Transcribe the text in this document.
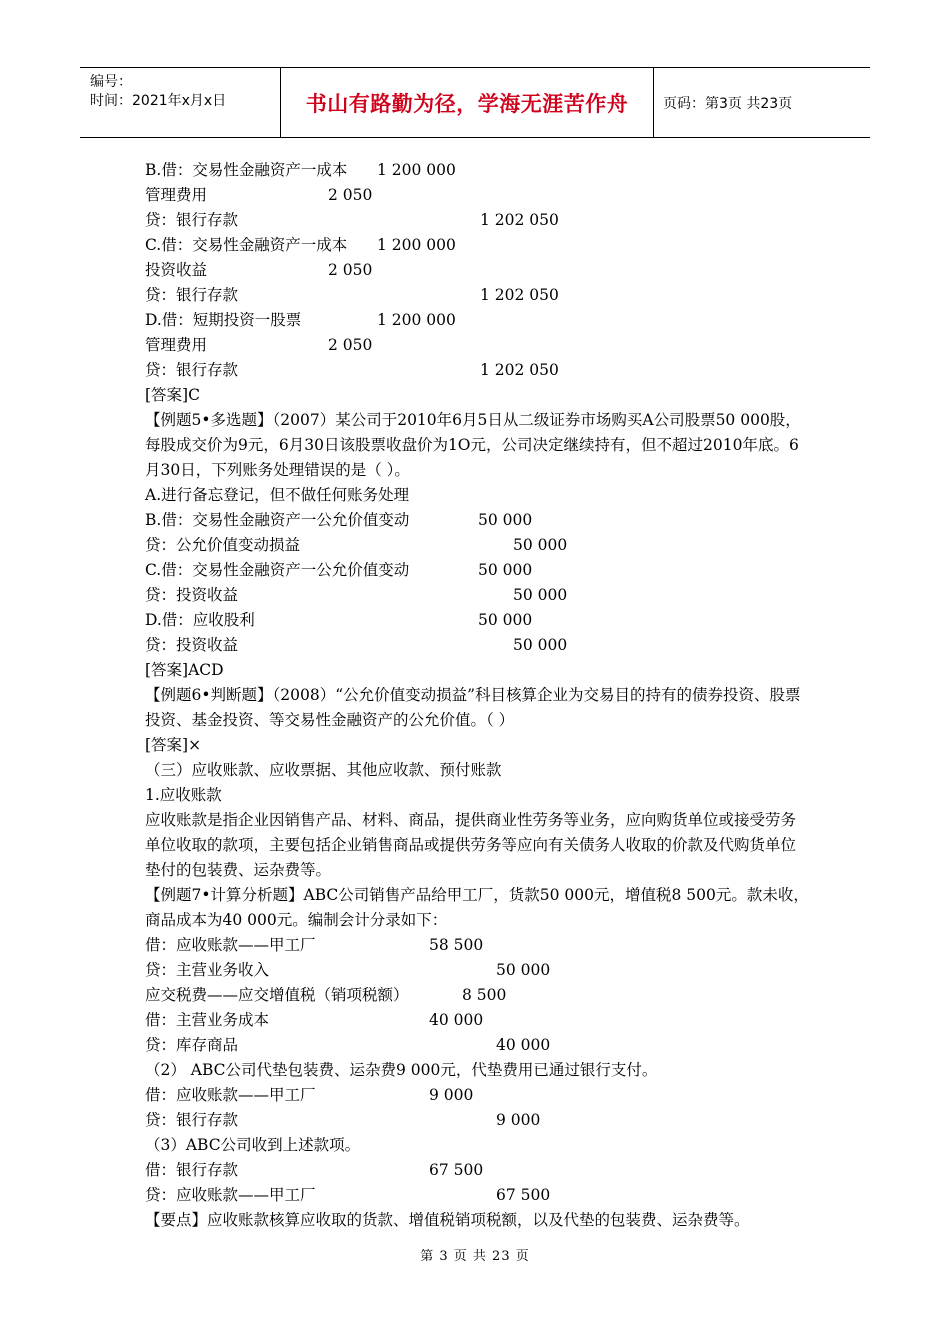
编号：
时间：2021年x月x日	书山有路勤为径，学海无涯苦作舟	页码：第3页 共23页
B.借：交易性金融资产一成本 1 200 000
管理费用	2 050
贷：银行存款	1 202 050
C.借：交易性金融资产一成本 1 200 000
投资收益	2 050
贷：银行存款	1 202 050
D.借：短期投资一股票	1 200 000
管理费用	2 050
贷：银行存款	1 202 050
[答案]C
【例题5•多选题】（2007）某公司于2010年6月5日从二级证券市场购买A公司股票50 000股，每股成交价为9元，6月30日该股票收盘价为1O元，公司决定继续持有，但不超过2010年底。6月30日，下列账务处理错误的是（ ）。
A.进行备忘登记，但不做任何账务处理
B.借：交易性金融资产一公允价值变动	50 000
贷：公允价值变动损益	50 000
C.借：交易性金融资产一公允价值变动	50 000
贷：投资收益	50 000
D.借：应收股利	50 000
贷：投资收益	50 000
[答案]ACD
【例题6•判断题】（2008）“公允价值变动损益”科目核算企业为交易目的持有的债券投资、股票投资、基金投资、等交易性金融资产的公允价值。（ ）
[答案]×
（三）应收账款、应收票据、其他应收款、预付账款
1.应收账款
应收账款是指企业因销售产品、材料、商品，提供商业性劳务等业务，应向购货单位或接受劳务单位收取的款项，主要包括企业销售商品或提供劳务等应向有关债务人收取的价款及代购货单位垫付的包装费、运杂费等。
【例题7•计算分析题】ABC公司销售产品给甲工厂，货款50 000元，增值税8 500元。款未收，商品成本为40 000元。编制会计分录如下：
借：应收账款——甲工厂	58 500
贷：主营业务收入	50 000
应交税费——应交增值税（销项税额）	8 500
借：主营业务成本	40 000
贷：库存商品	40 000
（2） ABC公司代垫包装费、运杂费9 000元，代垫费用已通过银行支付。
借：应收账款——甲工厂	9 000
贷：银行存款	9 000
（3）ABC公司收到上述款项。
借：银行存款	67 500
贷：应收账款——甲工厂	67 500
【要点】应收账款核算应收取的货款、增值税销项税额，以及代垫的包装费、运杂费等。
第 3 页 共 23 页
